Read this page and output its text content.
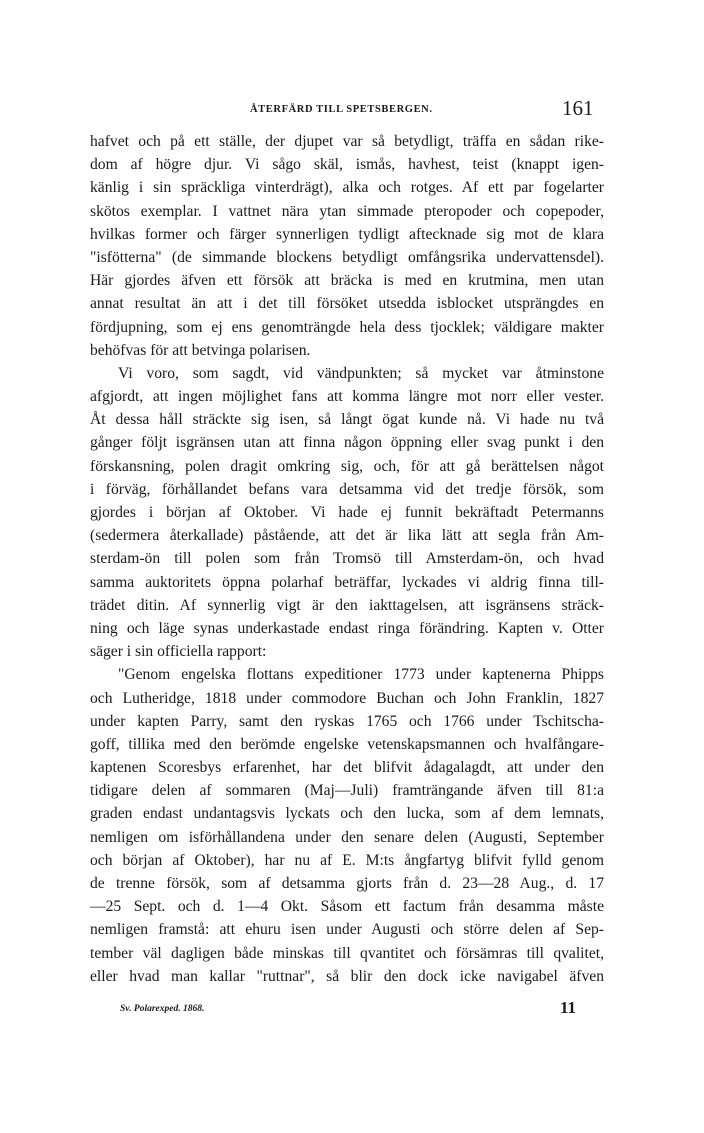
ÅTERFÄRD TILL SPETSBERGEN.	161
hafvet och på ett ställe, der djupet var så betydligt, träffa en sådan rike-
dom af högre djur. Vi sågo skäl, ismås, havhest, teist (knappt igen-
känlig i sin spräckliga vinterdrägt), alka och rotges. Af ett par fogelarter
skötos exemplar. I vattnet nära ytan simmade pteropoder och copepoder,
hvilkas former och färger synnerligen tydligt aftecknade sig mot de klara
"isfötterna" (de simmande blockens betydligt omfångsrika undervattensdel).
Här gjordes äfven ett försök att bräcka is med en krutmina, men utan
annat resultat än att i det till försöket utsedda isblocket utsprängdes en
fördjupning, som ej ens genomträngde hela dess tjocklek; väldigare makter
behöfvas för att betvinga polarisen.
Vi voro, som sagdt, vid vändpunkten; så mycket var åtminstone
afgjordt, att ingen möjlighet fans att komma längre mot norr eller vester.
Åt dessa håll sträckte sig isen, så långt ögat kunde nå. Vi hade nu två
gånger följt isgränsen utan att finna någon öppning eller svag punkt i den
förskansning, polen dragit omkring sig, och, för att gå berättelsen något
i förväg, förhållandet befans vara detsamma vid det tredje försök, som
gjordes i början af Oktober. Vi hade ej funnit bekräftadt Petermanns
(sedermera återkallade) påstående, att det är lika lätt att segla från Am-
sterdam-ön till polen som från Tromsö till Amsterdam-ön, och hvad
samma auktoritets öppna polarhaf beträffar, lyckades vi aldrig finna till-
trädet ditin. Af synnerlig vigt är den iakttagelsen, att isgränsens sträck-
ning och läge synas underkastade endast ringa förändring. Kapten v. Otter
säger i sin officiella rapport:
"Genom engelska flottans expeditioner 1773 under kaptenerna Phipps
och Lutheridge, 1818 under commodore Buchan och John Franklin, 1827
under kapten Parry, samt den ryskas 1765 och 1766 under Tschitscha-
goff, tillika med den berömde engelske vetenskapsmannen och hvalfångare-
kaptenen Scoresbys erfarenhet, har det blifvit ådagalagdt, att under den
tidigare delen af sommaren (Maj—Juli) framträngande äfven till 81:a
graden endast undantagsvis lyckats och den lucka, som af dem lemnats,
nemligen om isförhållandena under den senare delen (Augusti, September
och början af Oktober), har nu af E. M:ts ångfartyg blifvit fylld genom
de trenne försök, som af detsamma gjorts från d. 23—28 Aug., d. 17
—25 Sept. och d. 1—4 Okt. Såsom ett factum från desamma måste
nemligen framstå: att ehuru isen under Augusti och större delen af Sep-
tember väl dagligen både minskas till qvantitet och försämras till qvalitet,
eller hvad man kallar "ruttnar", så blir den dock icke navigabel äfven
Sv. Polarexped. 1868.	11
